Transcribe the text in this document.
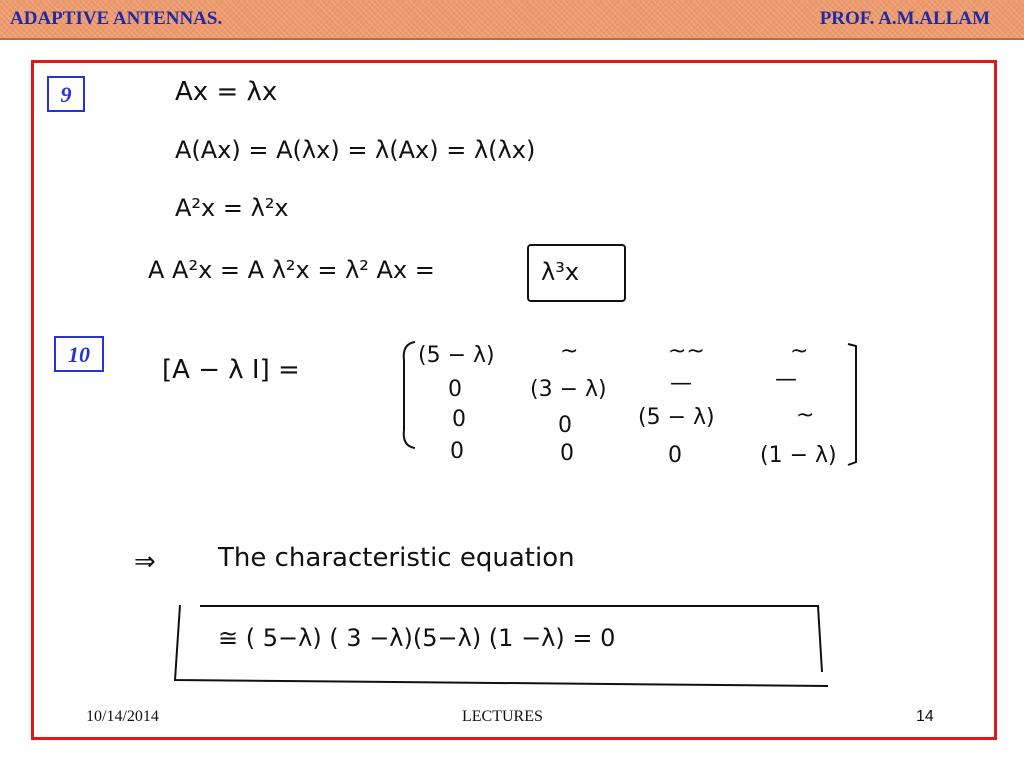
ADAPTIVE ANTENNAS.	PROF. A.M.ALLAM
9
10
Ax = λx
A(Ax) = A(λx) = λ(Ax) = λ(λx)
A²x = λ²x
A A²x = A λ²x = λ² Ax =	λ³x
[A − λ I] =	(5 − λ)	~	~~	~
0	(3 − λ)	—	—
0	0	(5 − λ)	~
0	0	0	(1 − λ)
⇒ The characteristic equation
≅ ( 5−λ) ( 3 −λ)(5−λ) (1 −λ) = 0
10/14/2014	LECTURES	14
